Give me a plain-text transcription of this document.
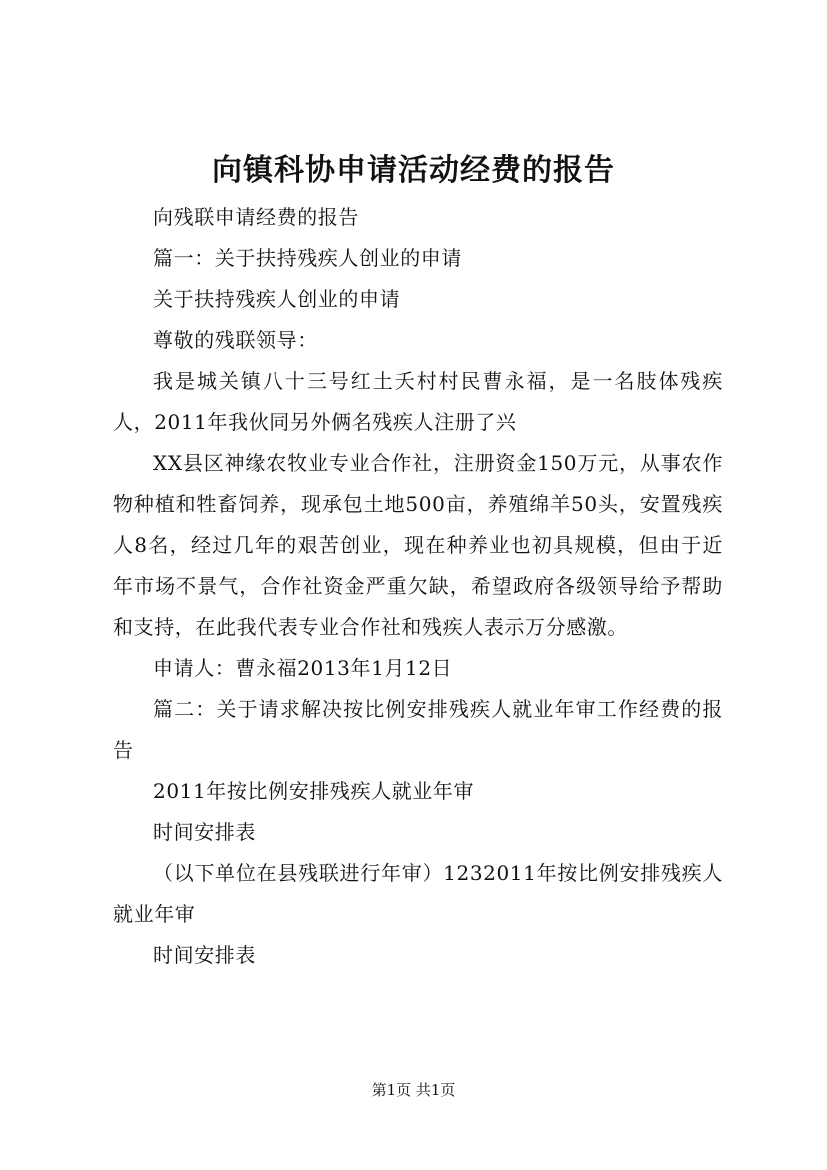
向镇科协申请活动经费的报告

向残联申请经费的报告

篇一：关于扶持残疾人创业的申请

关于扶持残疾人创业的申请

尊敬的残联领导：

我是城关镇八十三号红土夭村村民曹永福，是一名肢体残疾人，2011年我伙同另外俩名残疾人注册了兴

XX县区神缘农牧业专业合作社，注册资金150万元，从事农作物种植和牲畜饲养，现承包土地500亩，养殖绵羊50头，安置残疾人8名，经过几年的艰苦创业，现在种养业也初具规模，但由于近年市场不景气，合作社资金严重欠缺，希望政府各级领导给予帮助和支持，在此我代表专业合作社和残疾人表示万分感激。

申请人：曹永福2013年1月12日

篇二：关于请求解决按比例安排残疾人就业年审工作经费的报告

2011年按比例安排残疾人就业年审

时间安排表

（以下单位在县残联进行年审）1232011年按比例安排残疾人就业年审

时间安排表

第1页 共1页
